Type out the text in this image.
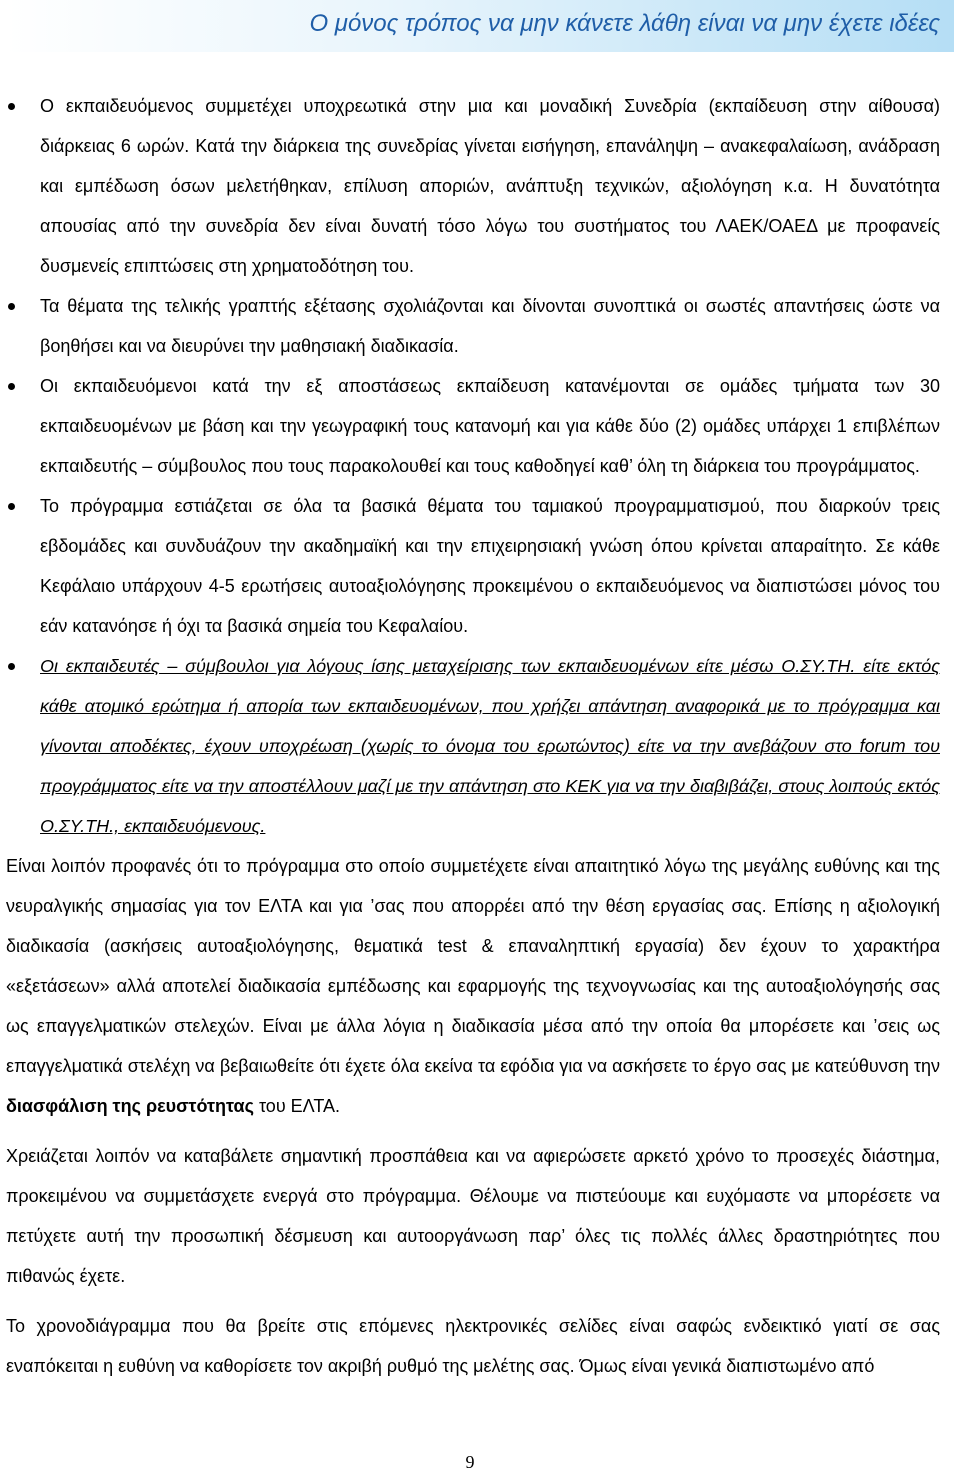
Ο μόνος τρόπος να μην κάνετε λάθη είναι να μην έχετε ιδέες
Ο εκπαιδευόμενος συμμετέχει υποχρεωτικά στην μια και μοναδική Συνεδρία (εκπαίδευση στην αίθουσα) διάρκειας 6 ωρών. Κατά την διάρκεια της συνεδρίας γίνεται εισήγηση, επανάληψη – ανακεφαλαίωση, ανάδραση και εμπέδωση όσων μελετήθηκαν, επίλυση αποριών, ανάπτυξη τεχνικών, αξιολόγηση κ.α. Η δυνατότητα απουσίας από την συνεδρία δεν είναι δυνατή τόσο λόγω του συστήματος του ΛΑΕΚ/ΟΑΕΔ με προφανείς δυσμενείς επιπτώσεις στη χρηματοδότηση του.
Τα θέματα της τελικής γραπτής εξέτασης σχολιάζονται και δίνονται συνοπτικά οι σωστές απαντήσεις ώστε να βοηθήσει και να διευρύνει την μαθησιακή διαδικασία.
Οι εκπαιδευόμενοι κατά την εξ αποστάσεως εκπαίδευση κατανέμονται σε ομάδες τμήματα των 30 εκπαιδευομένων με βάση και την γεωγραφική τους κατανομή και για κάθε δύο (2) ομάδες υπάρχει 1 επιβλέπων εκπαιδευτής – σύμβουλος που τους παρακολουθεί και τους καθοδηγεί καθ’ όλη τη διάρκεια του προγράμματος.
Το πρόγραμμα εστιάζεται σε όλα τα βασικά θέματα του ταμιακού προγραμματισμού, που διαρκούν τρεις εβδομάδες και συνδυάζουν την ακαδημαϊκή και την επιχειρησιακή γνώση όπου κρίνεται απαραίτητο. Σε κάθε Κεφάλαιο υπάρχουν 4-5 ερωτήσεις αυτοαξιολόγησης προκειμένου ο εκπαιδευόμενος να διαπιστώσει μόνος του εάν κατανόησε ή όχι τα βασικά σημεία του Κεφαλαίου.
Οι εκπαιδευτές – σύμβουλοι για λόγους ίσης μεταχείρισης των εκπαιδευομένων είτε μέσω Ο.ΣΥ.ΤΗ. είτε εκτός κάθε ατομικό ερώτημα ή απορία των εκπαιδευομένων, που χρήζει απάντηση αναφορικά με το πρόγραμμα και γίνονται αποδέκτες, έχουν υποχρέωση (χωρίς το όνομα του ερωτώντος) είτε να την ανεβάζουν στο forum του προγράμματος είτε να την αποστέλλουν μαζί με την απάντηση στο ΚΕΚ για να την διαβιβάζει, στους λοιπούς εκτός Ο.ΣΥ.ΤΗ., εκπαιδευόμενους.

Είναι λοιπόν προφανές ότι το πρόγραμμα στο οποίο συμμετέχετε είναι απαιτητικό λόγω της μεγάλης ευθύνης και της νευραλγικής σημασίας για τον ΕΛΤΑ και για ’σας που απορρέει από την θέση εργασίας σας. Επίσης η αξιολογική διαδικασία (ασκήσεις αυτοαξιολόγησης, θεματικά test & επαναληπτική εργασία) δεν έχουν το χαρακτήρα «εξετάσεων» αλλά αποτελεί διαδικασία εμπέδωσης και εφαρμογής της τεχνογνωσίας και της αυτοαξιολόγησής σας ως επαγγελματικών στελεχών. Είναι με άλλα λόγια η διαδικασία μέσα από την οποία θα μπορέσετε και ’σεις ως επαγγελματικά στελέχη να βεβαιωθείτε ότι έχετε όλα εκείνα τα εφόδια για να ασκήσετε το έργο σας με κατεύθυνση την διασφάλιση της ρευστότητας του ΕΛΤΑ.

Χρειάζεται λοιπόν να καταβάλετε σημαντική προσπάθεια και να αφιερώσετε αρκετό χρόνο το προσεχές διάστημα, προκειμένου να συμμετάσχετε ενεργά στο πρόγραμμα. Θέλουμε να πιστεύουμε και ευχόμαστε να μπορέσετε να πετύχετε αυτή την προσωπική δέσμευση και αυτοοργάνωση παρ’ όλες τις πολλές άλλες δραστηριότητες που πιθανώς έχετε.

Το χρονοδιάγραμμα που θα βρείτε στις επόμενες ηλεκτρονικές σελίδες είναι σαφώς ενδεικτικό γιατί σε σας εναπόκειται η ευθύνη να καθορίσετε τον ακριβή ρυθμό της μελέτης σας. Όμως είναι γενικά διαπιστωμένο από

9
